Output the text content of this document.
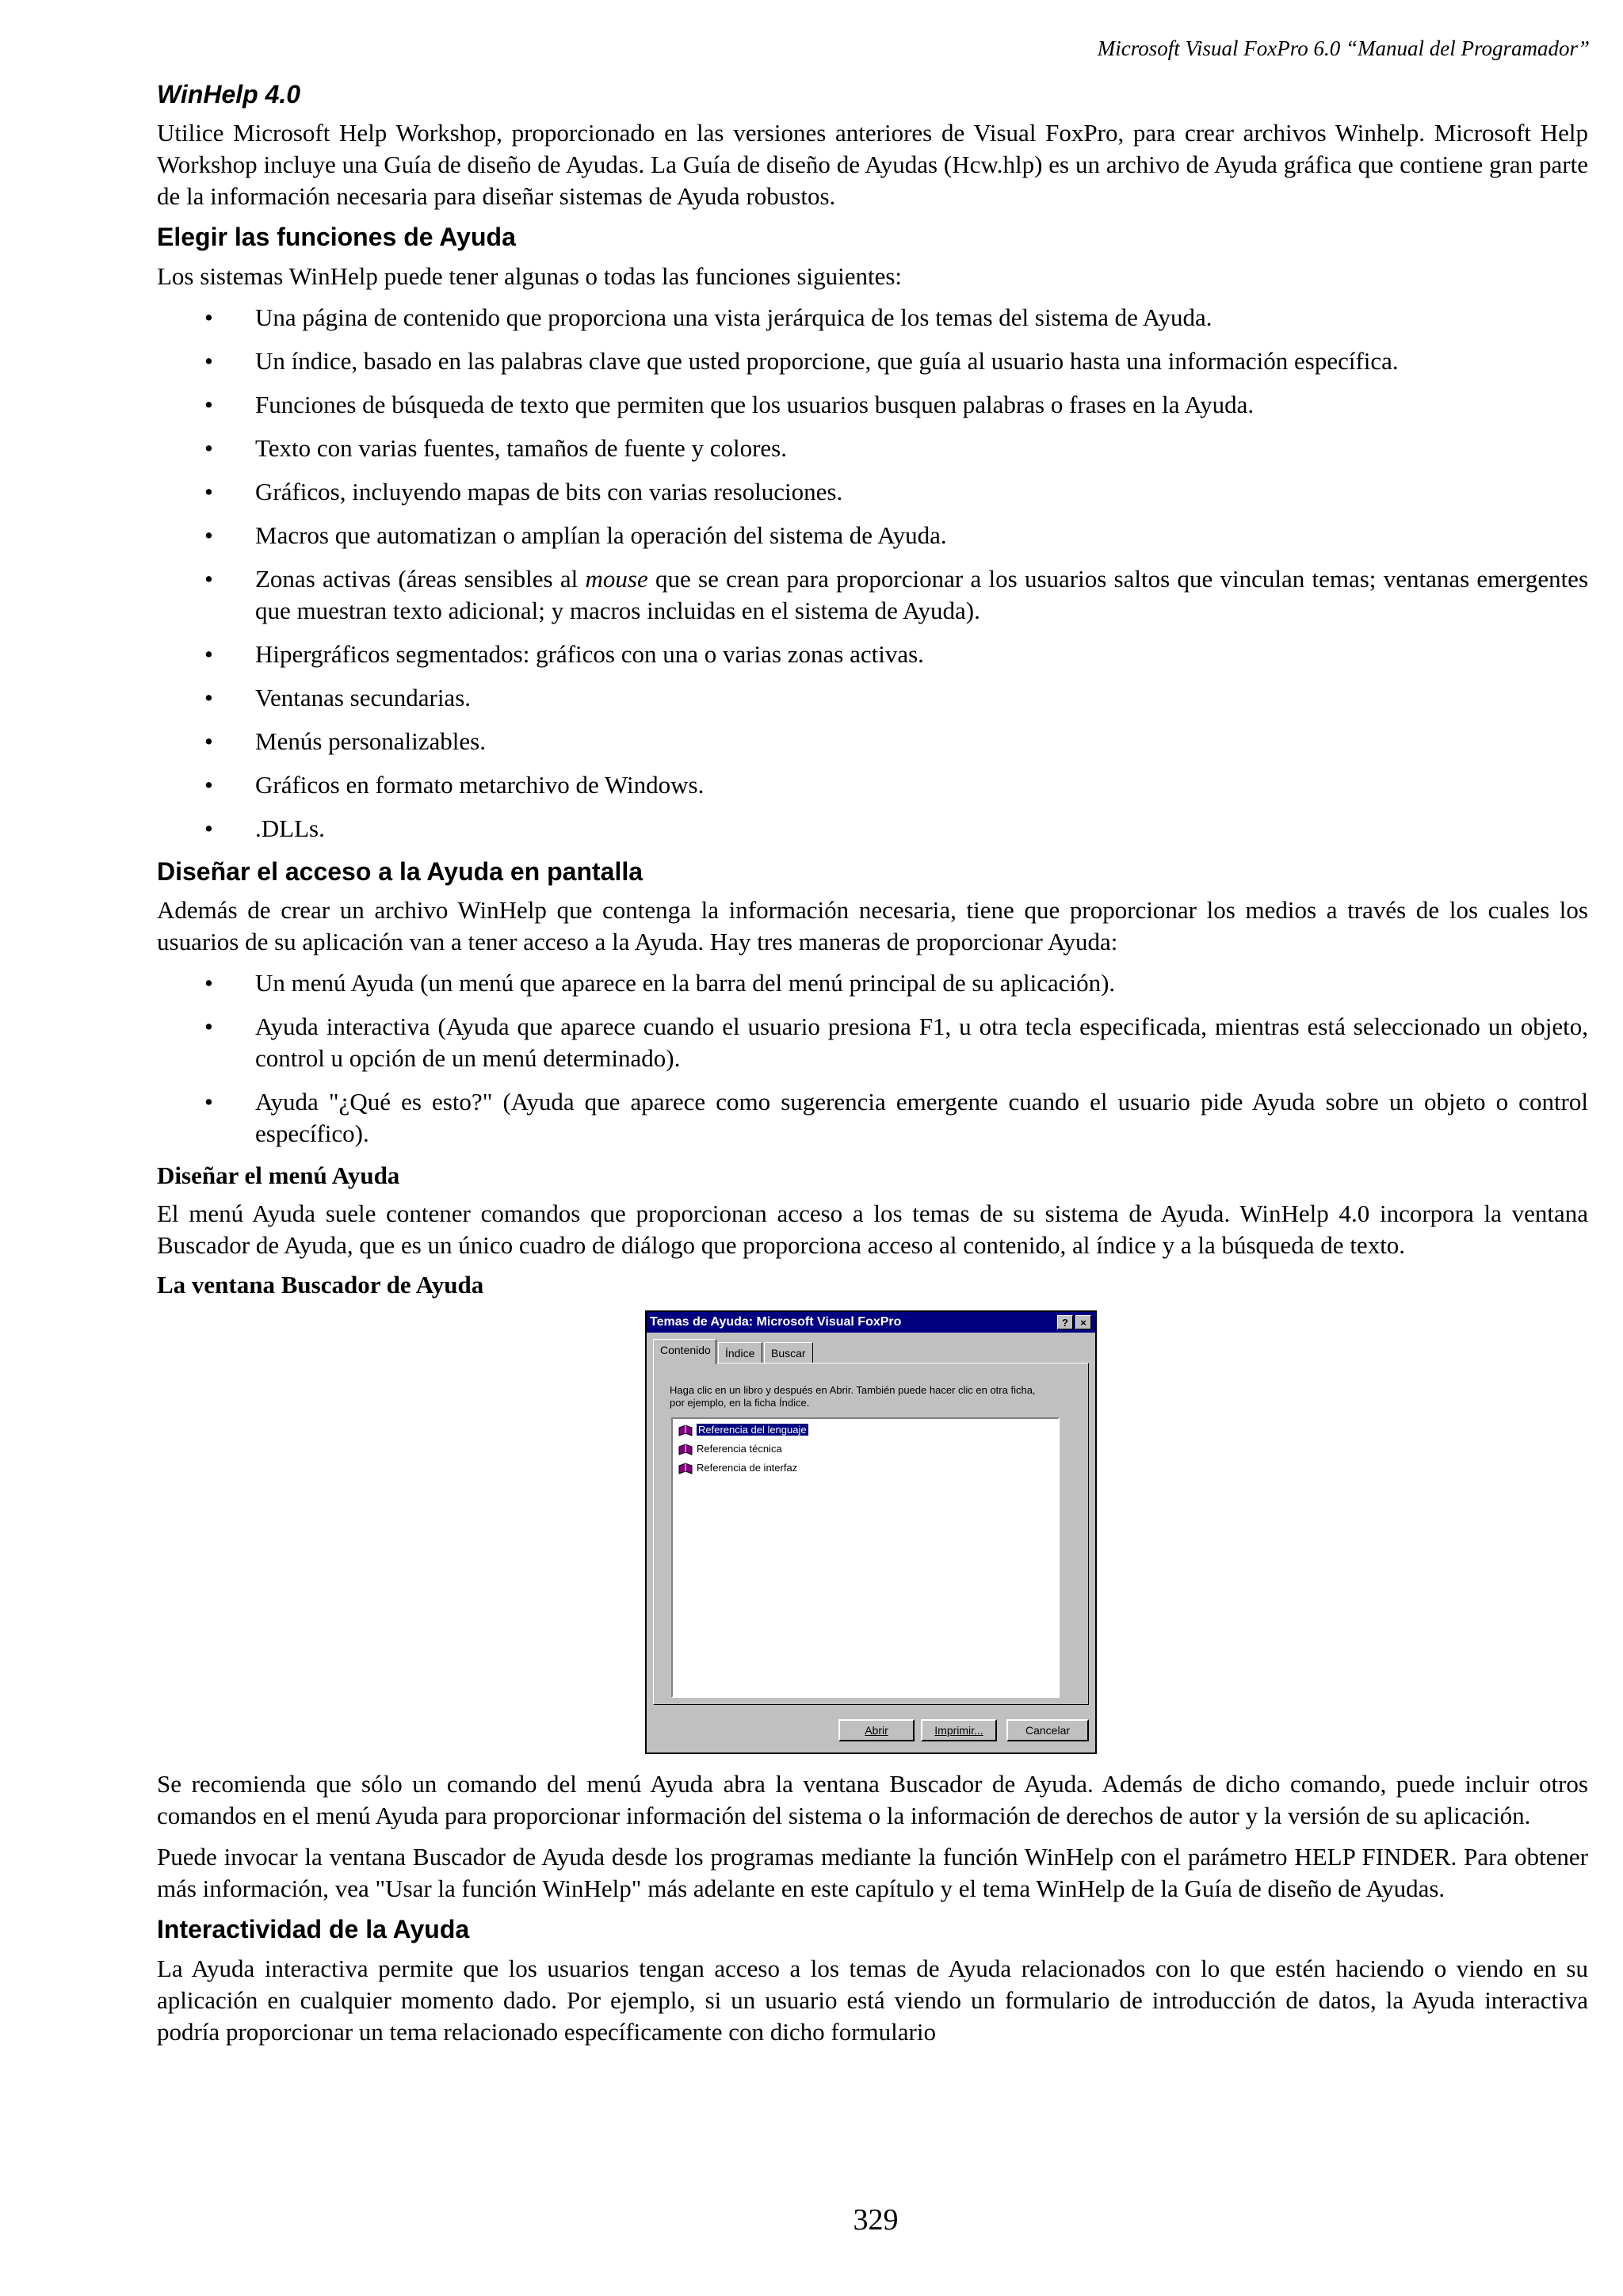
Microsoft Visual FoxPro 6.0 “Manual del Programador”
WinHelp 4.0

Utilice Microsoft Help Workshop, proporcionado en las versiones anteriores de Visual FoxPro, para crear archivos Winhelp. Microsoft Help Workshop incluye una Guía de diseño de Ayudas. La Guía de diseño de Ayudas (Hcw.hlp) es un archivo de Ayuda gráfica que contiene gran parte de la información necesaria para diseñar sistemas de Ayuda robustos.

Elegir las funciones de Ayuda

Los sistemas WinHelp puede tener algunas o todas las funciones siguientes:

• Una página de contenido que proporciona una vista jerárquica de los temas del sistema de Ayuda.
• Un índice, basado en las palabras clave que usted proporcione, que guía al usuario hasta una información específica.
• Funciones de búsqueda de texto que permiten que los usuarios busquen palabras o frases en la Ayuda.
• Texto con varias fuentes, tamaños de fuente y colores.
• Gráficos, incluyendo mapas de bits con varias resoluciones.
• Macros que automatizan o amplían la operación del sistema de Ayuda.
• Zonas activas (áreas sensibles al mouse que se crean para proporcionar a los usuarios saltos que vinculan temas; ventanas emergentes que muestran texto adicional; y macros incluidas en el sistema de Ayuda).
• Hipergráficos segmentados: gráficos con una o varias zonas activas.
• Ventanas secundarias.
• Menús personalizables.
• Gráficos en formato metarchivo de Windows.
• .DLLs.
Diseñar el acceso a la Ayuda en pantalla

Además de crear un archivo WinHelp que contenga la información necesaria, tiene que proporcionar los medios a través de los cuales los usuarios de su aplicación van a tener acceso a la Ayuda. Hay tres maneras de proporcionar Ayuda:

• Un menú Ayuda (un menú que aparece en la barra del menú principal de su aplicación).
• Ayuda interactiva (Ayuda que aparece cuando el usuario presiona F1, u otra tecla especificada, mientras está seleccionado un objeto, control u opción de un menú determinado).
• Ayuda "¿Qué es esto?" (Ayuda que aparece como sugerencia emergente cuando el usuario pide Ayuda sobre un objeto o control específico).
Diseñar el menú Ayuda

El menú Ayuda suele contener comandos que proporcionan acceso a los temas de su sistema de Ayuda. WinHelp 4.0 incorpora la ventana Buscador de Ayuda, que es un único cuadro de diálogo que proporciona acceso al contenido, al índice y a la búsqueda de texto.

La ventana Buscador de Ayuda
Temas de Ayuda: Microsoft Visual FoxPro	?	×
Contenido	Índice	Buscar
Haga clic en un libro y después en Abrir. También puede hacer clic en otra ficha, por ejemplo, en la ficha Índice.
Referencia del lenguaje
Referencia técnica
Referencia de interfaz
Abrir	Imprimir...	Cancelar

Se recomienda que sólo un comando del menú Ayuda abra la ventana Buscador de Ayuda. Además de dicho comando, puede incluir otros comandos en el menú Ayuda para proporcionar información del sistema o la información de derechos de autor y la versión de su aplicación.

Puede invocar la ventana Buscador de Ayuda desde los programas mediante la función WinHelp con el parámetro HELP FINDER. Para obtener más información, vea "Usar la función WinHelp" más adelante en este capítulo y el tema WinHelp de la Guía de diseño de Ayudas.

Interactividad de la Ayuda

La Ayuda interactiva permite que los usuarios tengan acceso a los temas de Ayuda relacionados con lo que estén haciendo o viendo en su aplicación en cualquier momento dado. Por ejemplo, si un usuario está viendo un formulario de introducción de datos, la Ayuda interactiva podría proporcionar un tema relacionado específicamente con dicho formulario

329
